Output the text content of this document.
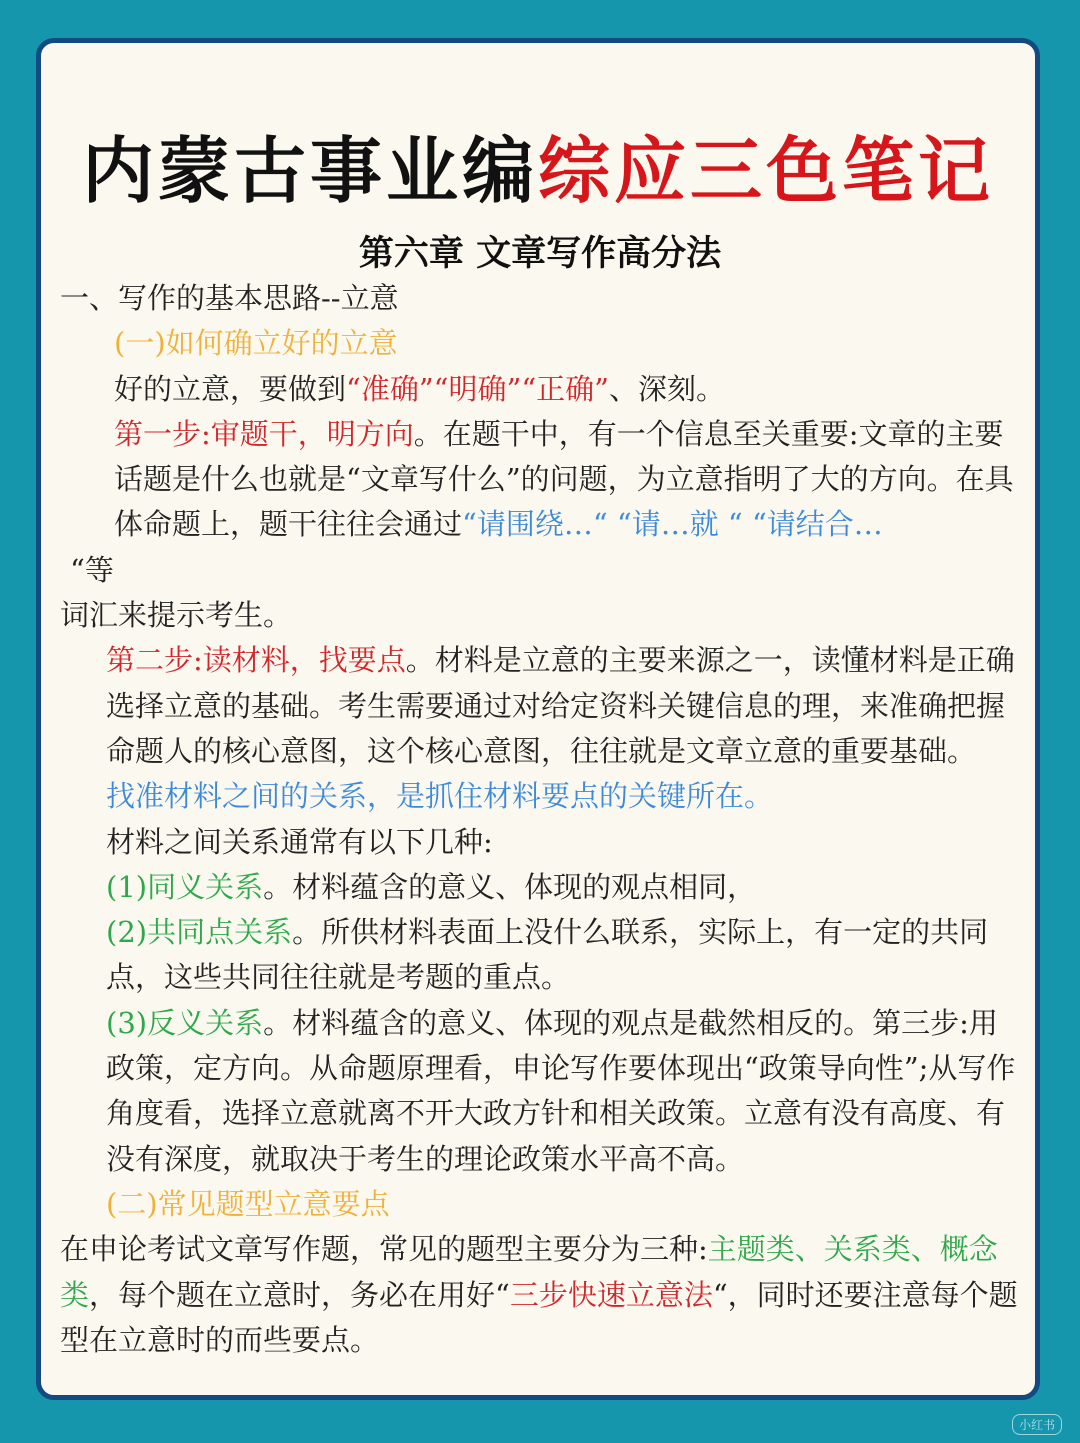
内蒙古事业编综应三色笔记
第六章 文章写作高分法

一、写作的基本思路--立意

(一)如何确立好的立意

好的立意，要做到“准确”“明确”“正确”、深刻。

第一步:审题干，明方向。在题干中，有一个信息至关重要:文章的主要话题是什么也就是“文章写什么”的问题，为立意指明了大的方向。在具体命题上，题干往往会通过“请围绕…“ “请…就 “ “请结合…

“等

词汇来提示考生。

第二步:读材料，找要点。材料是立意的主要来源之一，读懂材料是正确选择立意的基础。考生需要通过对给定资料关键信息的理，来准确把握命题人的核心意图，这个核心意图，往往就是文章立意的重要基础。

找准材料之间的关系，是抓住材料要点的关键所在。

材料之间关系通常有以下几种:

(1)同义关系。材料蕴含的意义、体现的观点相同，

(2)共同点关系。所供材料表面上没什么联系，实际上，有一定的共同点，这些共同往往就是考题的重点。

(3)反义关系。材料蕴含的意义、体现的观点是截然相反的。第三步:用政策，定方向。从命题原理看，申论写作要体现出“政策导向性”;从写作角度看，选择立意就离不开大政方针和相关政策。立意有没有高度、有没有深度，就取决于考生的理论政策水平高不高。

(二)常见题型立意要点

在申论考试文章写作题，常见的题型主要分为三种:主题类、关系类、概念类，每个题在立意时，务必在用好“三步快速立意法“，同时还要注意每个题型在立意时的而些要点。

小红书
